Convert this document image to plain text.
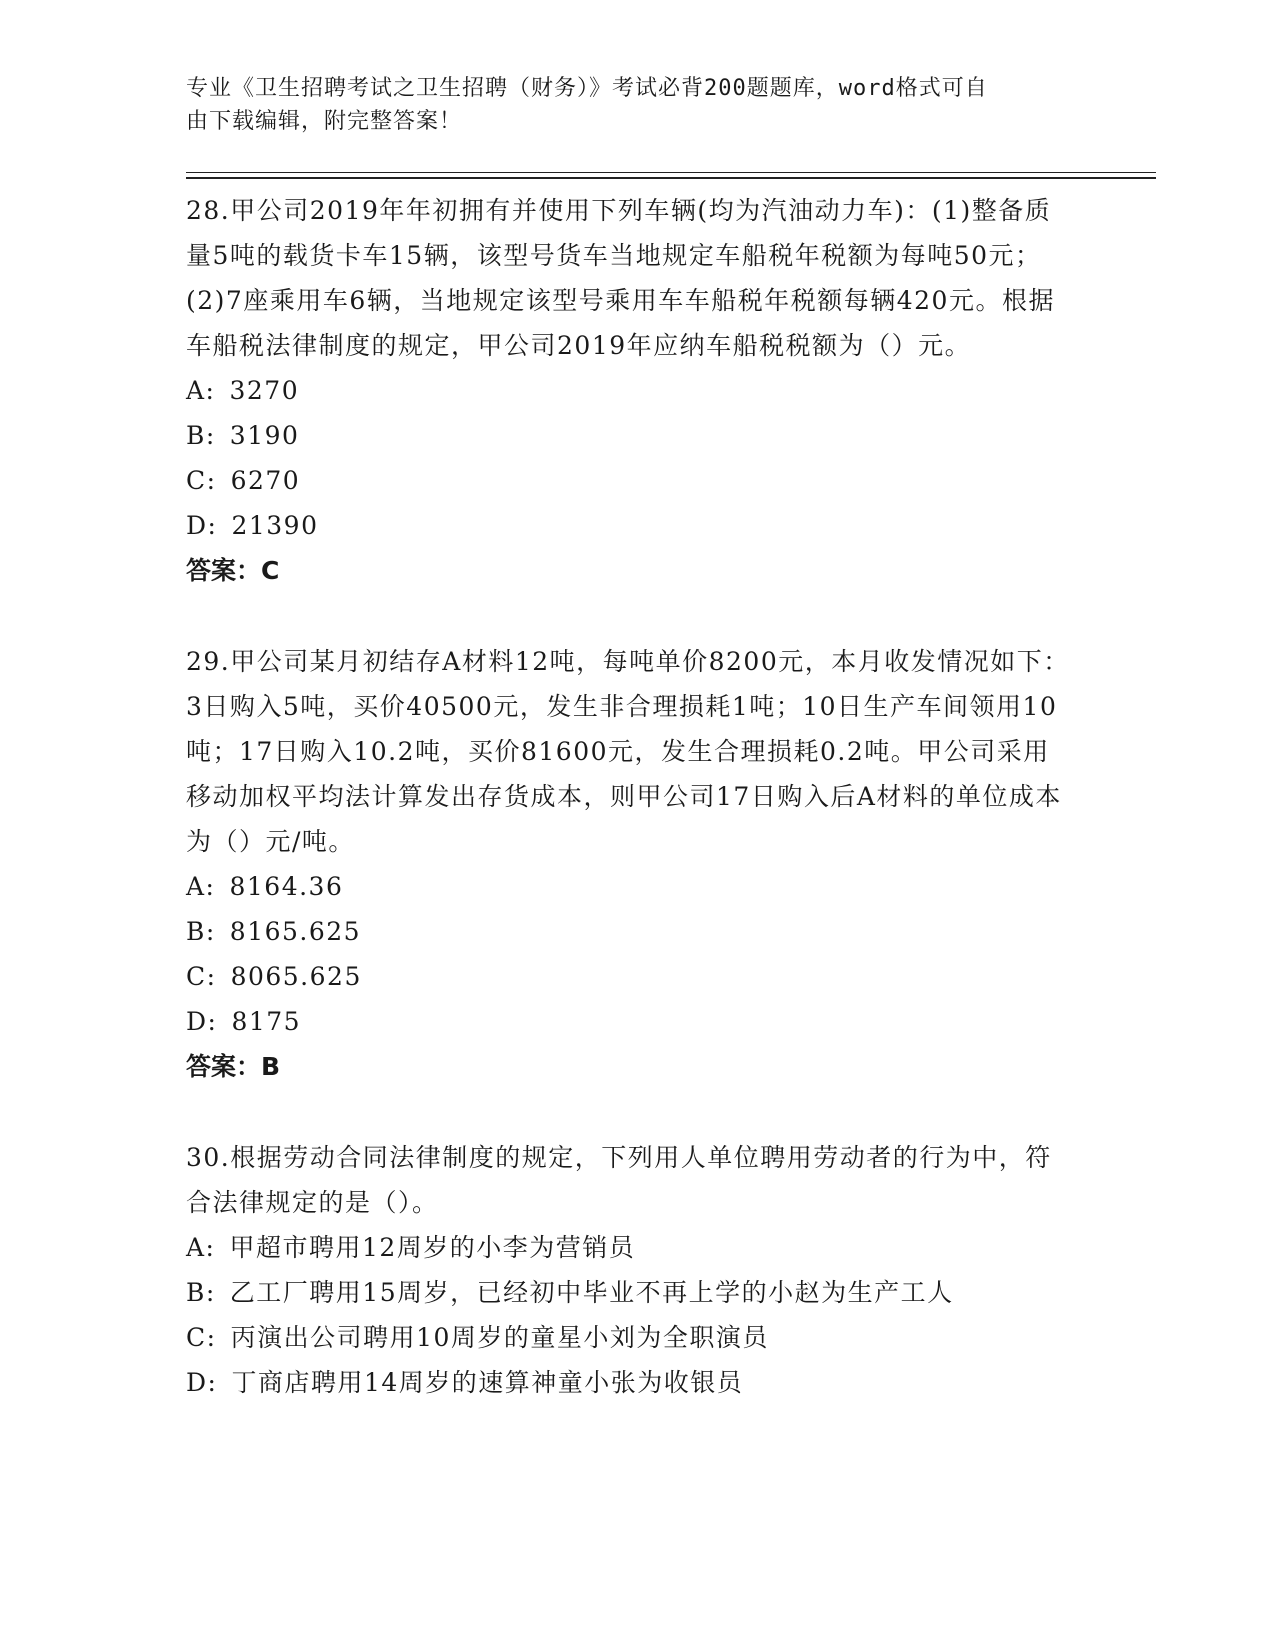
专业《卫生招聘考试之卫生招聘（财务）》考试必背200题题库，word格式可自
由下载编辑，附完整答案！

28.甲公司2019年年初拥有并使用下列车辆(均为汽油动力车)：(1)整备质量5吨的载货卡车15辆，该型号货车当地规定车船税年税额为每吨50元；(2)7座乘用车6辆，当地规定该型号乘用车车船税年税额每辆420元。根据车船税法律制度的规定，甲公司2019年应纳车船税税额为（）元。

A: 3270

B: 3190

C: 6270

D: 21390

答案：C

29.甲公司某月初结存A材料12吨，每吨单价8200元，本月收发情况如下：3日购入5吨，买价40500元，发生非合理损耗1吨；10日生产车间领用10吨；17日购入10.2吨，买价81600元，发生合理损耗0.2吨。甲公司采用移动加权平均法计算发出存货成本，则甲公司17日购入后A材料的单位成本为（）元/吨。

A: 8164.36

B: 8165.625

C: 8065.625

D: 8175

答案：B

30.根据劳动合同法律制度的规定，下列用人单位聘用劳动者的行为中，符合法律规定的是（）。

A: 甲超市聘用12周岁的小李为营销员

B: 乙工厂聘用15周岁，已经初中毕业不再上学的小赵为生产工人

C: 丙演出公司聘用10周岁的童星小刘为全职演员

D: 丁商店聘用14周岁的速算神童小张为收银员
